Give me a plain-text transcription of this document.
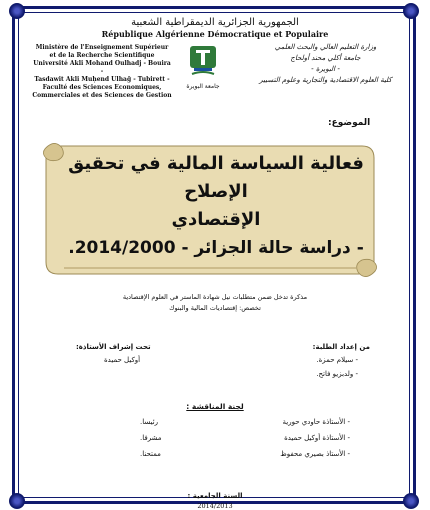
الجمهورية الجزائرية الديمقراطية الشعبية
République Algérienne Démocratique et Populaire
Ministère de l'Enseignement Supérieur
et de la Recherche Scientifique
Université Akli Mohand Oulhadj - Bouira -
Tasdawit Akli Muḥend Ulhağ - Tubirett -
Faculté des Sciences Economiques,
Commerciales et des Sciences de Gestion
وزارة التعليم العالي والبحث العلمي
جامعة أكلي محند أولحاج
- البويرة -
كلية العلوم الاقتصادية والتجارية وعلوم التسيير
جامعة البويرة
الموضوع:
فعالية السياسة المالية في تحقيق الإصلاح
الإقتصادي
- دراسة حالة الجزائر - 2014/2000.
مذكرة تدخل ضمن متطلبات نيل شهادة الماستر في العلوم الإقتصادية
تخصص: إقتصاديات المالية والبنوك
من إعداد الطلبة:
- سيلام حمزة.
- ولدبزيو فاتح.
تحت إشراف الأستاذة:
أوكيل حميدة
لجنة المناقشة :
- الأستاذة حاودي حورية
رئيسا.
- الأستاذة أوكيل حميدة
مشرفا.
- الأستاذ بصيري محفوظ
ممتحنا.
السنة الجامعية :
2014/2013
